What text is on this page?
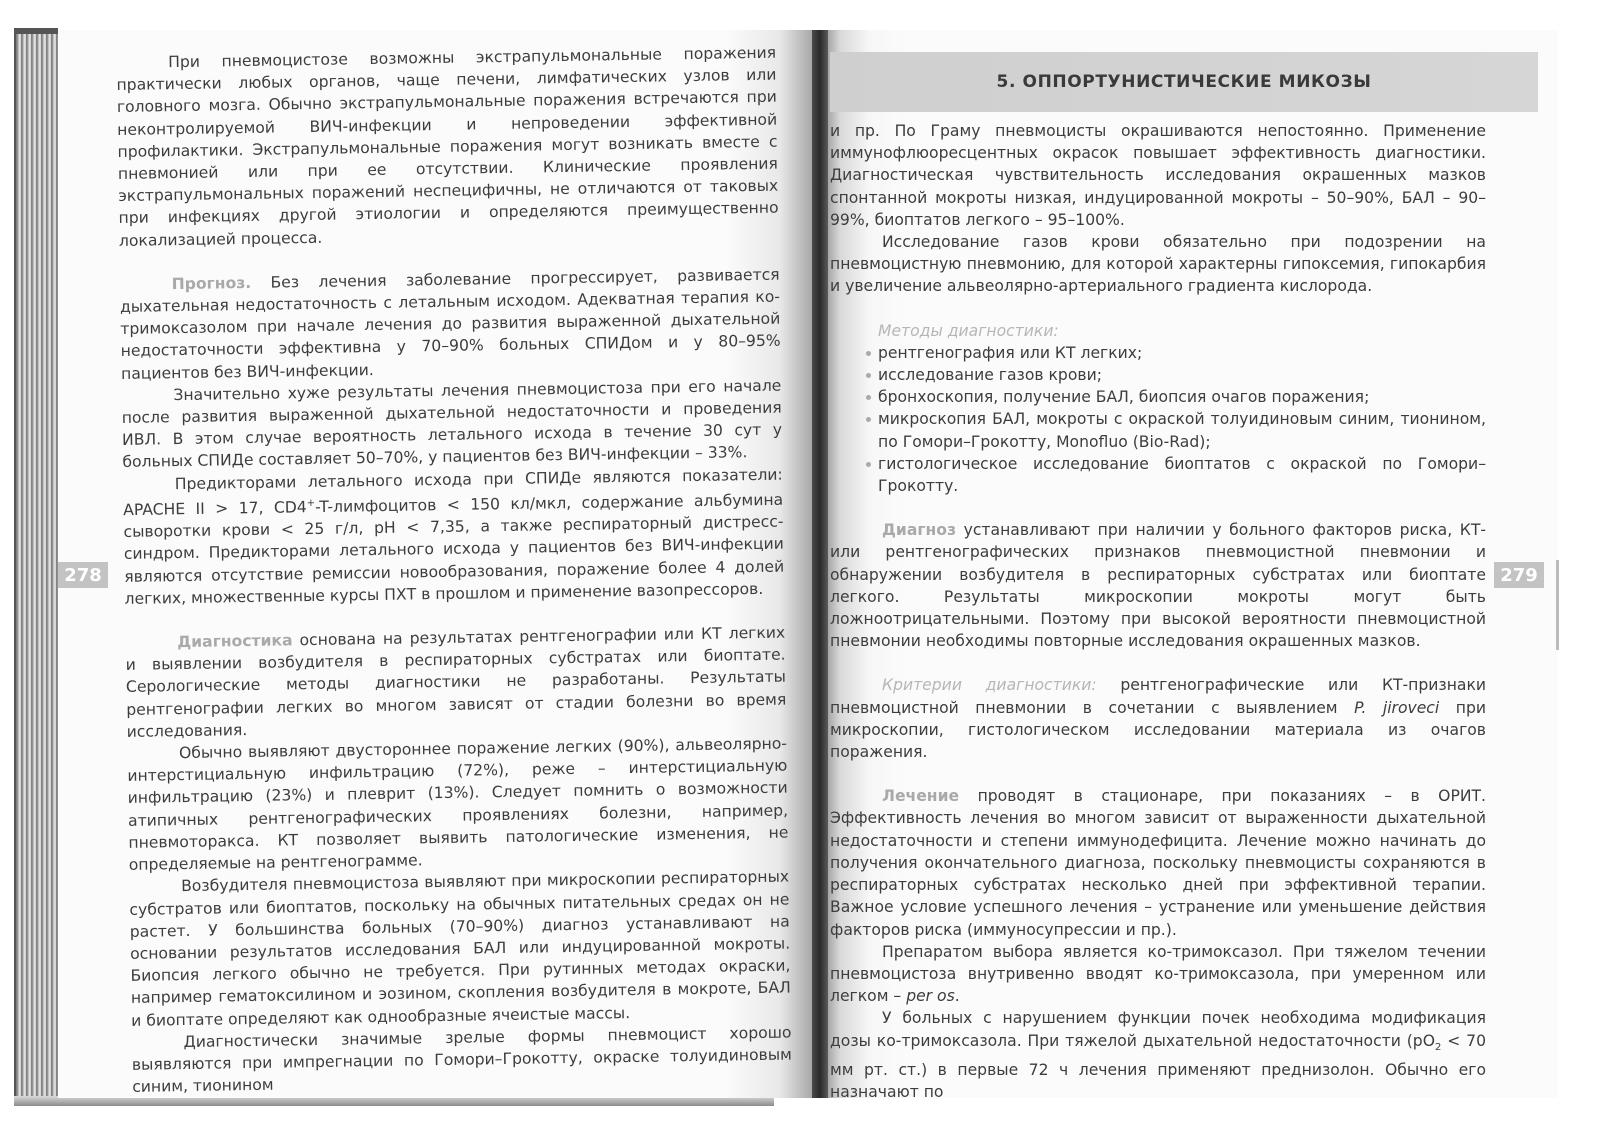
278

При пневмоцистозе возможны экстрапульмональные поражения практически любых органов, чаще печени, лимфатических узлов или головного мозга. Обычно экстрапульмональные поражения встречаются при неконтролируемой ВИЧ-инфекции и непроведении эффективной профилактики. Экстрапульмональные поражения могут возникать вместе с пневмонией или при ее отсутствии. Клинические проявления экстрапульмональных поражений неспецифичны, не отличаются от таковых при инфекциях другой этиологии и определяются преимущественно локализацией процесса.

Прогноз. Без лечения заболевание прогрессирует, развивается дыхательная недостаточность с летальным исходом. Адекватная терапия ко-тримоксазолом при начале лечения до развития выраженной дыхательной недостаточности эффективна у 70–90% больных СПИДом и у 80–95% пациентов без ВИЧ-инфекции.

Значительно хуже результаты лечения пневмоцистоза при его начале после развития выраженной дыхательной недостаточности и проведения ИВЛ. В этом случае вероятность летального исхода в течение 30 сут у больных СПИДе составляет 50–70%, у пациентов без ВИЧ-инфекции – 33%.

Предикторами летального исхода при СПИДе являются показатели: APACHE II > 17, CD4+-T-лимфоцитов < 150 кл/мкл, содержание альбумина сыворотки крови < 25 г/л, pH < 7,35, а также респираторный дистресс-синдром. Предикторами летального исхода у пациентов без ВИЧ-инфекции являются отсутствие ремиссии новообразования, поражение более 4 долей легких, множественные курсы ПХТ в прошлом и применение вазопрессоров.

Диагностика основана на результатах рентгенографии или КТ легких и выявлении возбудителя в респираторных субстратах или биоптате. Серологические методы диагностики не разработаны. Результаты рентгенографии легких во многом зависят от стадии болезни во время исследования.

Обычно выявляют двустороннее поражение легких (90%), альвеолярно-интерстициальную инфильтрацию (72%), реже – интерстициальную инфильтрацию (23%) и плеврит (13%). Следует помнить о возможности атипичных рентгенографических проявлениях болезни, например, пневмоторакса. КТ позволяет выявить патологические изменения, не определяемые на рентгенограмме.

Возбудителя пневмоцистоза выявляют при микроскопии респираторных субстратов или биоптатов, поскольку на обычных питательных средах он не растет. У большинства больных (70–90%) диагноз устанавливают на основании результатов исследования БАЛ или индуцированной мокроты. Биопсия легкого обычно не требуется. При рутинных методах окраски, например гематоксилином и эозином, скопления возбудителя в мокроте, БАЛ и биоптате определяют как однообразные ячеистые массы.

Диагностически значимые зрелые формы пневмоцист хорошо выявляются при импрегнации по Гомори–Грокотту, окраске толуидиновым синим, тионином

5. ОППОРТУНИСТИЧЕСКИЕ МИКОЗЫ
279

и пр. По Граму пневмоцисты окрашиваются непостоянно. Применение иммунофлюоресцентных окрасок повышает эффективность диагностики. Диагностическая чувствительность исследования окрашенных мазков спонтанной мокроты низкая, индуцированной мокроты – 50–90%, БАЛ – 90–99%, биоптатов легкого – 95–100%.

Исследование газов крови обязательно при подозрении на пневмоцистную пневмонию, для которой характерны гипоксемия, гипокарбия и увеличение альвеолярно-артериального градиента кислорода.

Методы диагностики:

рентгенография или КТ легких;
исследование газов крови;
бронхоскопия, получение БАЛ, биопсия очагов поражения;
микроскопия БАЛ, мокроты с окраской толуидиновым синим, тионином, по Гомори–Грокотту, Monofluo (Bio-Rad);
гистологическое исследование биоптатов с окраской по Гомори–Грокотту.

Диагноз устанавливают при наличии у больного факторов риска, КТ- или рентгенографических признаков пневмоцистной пневмонии и обнаружении возбудителя в респираторных субстратах или биоптате легкого. Результаты микроскопии мокроты могут быть ложноотрицательными. Поэтому при высокой вероятности пневмоцистной пневмонии необходимы повторные исследования окрашенных мазков.

Критерии диагностики: рентгенографические или КТ-признаки пневмоцистной пневмонии в сочетании с выявлением P. jiroveci при микроскопии, гистологическом исследовании материала из очагов поражения.

Лечение проводят в стационаре, при показаниях – в ОРИТ. Эффективность лечения во многом зависит от выраженности дыхательной недостаточности и степени иммунодефицита. Лечение можно начинать до получения окончательного диагноза, поскольку пневмоцисты сохраняются в респираторных субстратах несколько дней при эффективной терапии. Важное условие успешного лечения – устранение или уменьшение действия факторов риска (иммуносупрессии и пр.).

Препаратом выбора является ко-тримоксазол. При тяжелом течении пневмоцистоза внутривенно вводят ко-тримоксазола, при умеренном или легком – per os.

У больных с нарушением функции почек необходима модификация дозы ко-тримоксазола. При тяжелой дыхательной недостаточности ($pO_2 < 70$ мм рт. ст.) в первые 72 ч лечения применяют преднизолон. Обычно его назначают по
